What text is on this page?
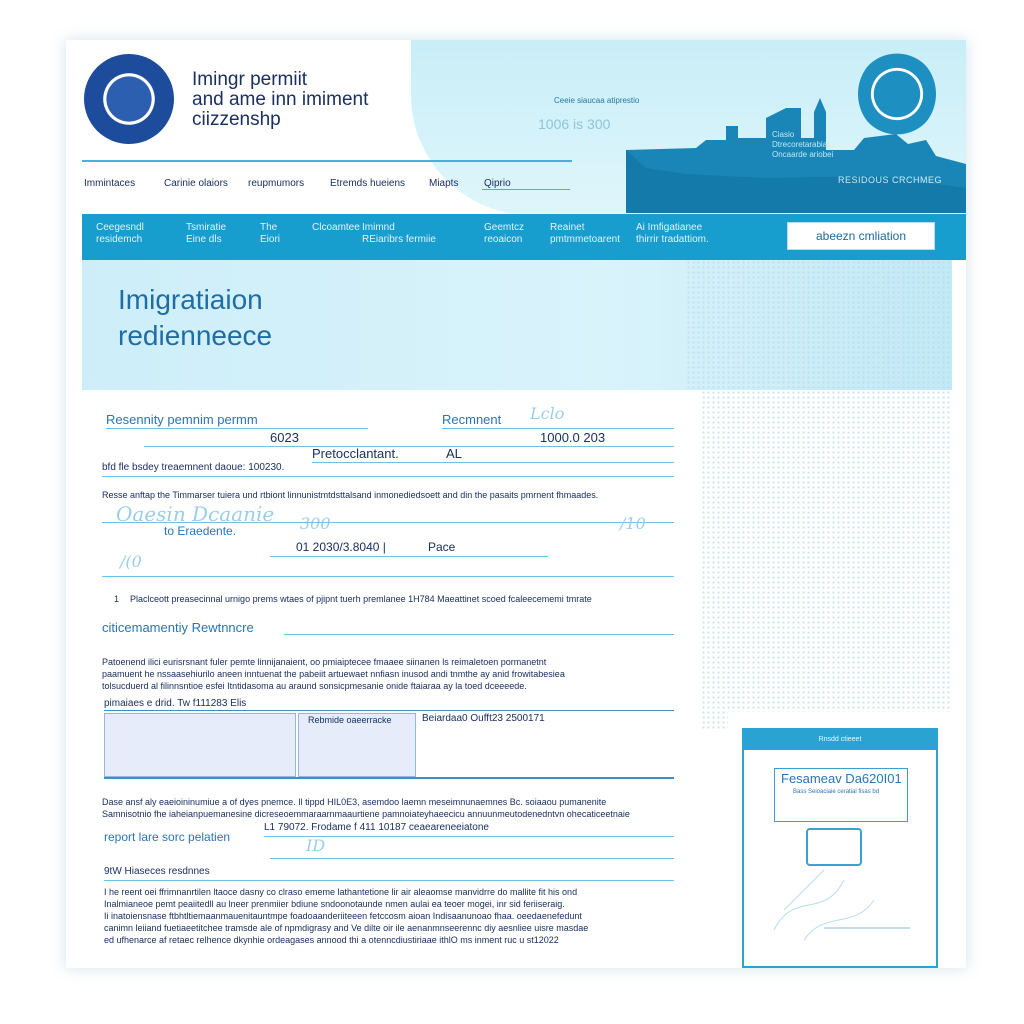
Imingr permiit
and ame inn imiment
ciizzenshp
Ceeie siaucaa atiprestio
1006 is 300
Ciasio
Dtrecoretarabiat
Oncaarde ariobei
RESIDOUS CRCHMEG
Immintaces	Carinie olaiors reupmumors	Etremds hueiens Miapts	Qiprio
Ceegesndl
residemch
Tsmiratie
Eine dls
The
Eiori
Clcoamtee Imimnd
REiaribrs fermiie
Geemtcz
reoaicon
Reainet
pmtmmetoarent
Ai Imfigatianee
thirrir tradattiom.	abeezn cmliation
Imigratiaion
redienneece
Resennity pemnim permm	Recmnent Lclo
6023	1000.0 203
Pretocclantant.	AL
bfd fle bsdey treaemnent daoue: 100230.
Resse anftap the Timmarser tuiera und rtbiont linnunistmtdsttalsand inmonediedsoett and din the pasaits pmrnent fhmaades.
Oaesin Dcaanie 300
to Eraedente.
01 2030/3.8040 |	Pace
/10
/(0
1 Placlceott preasecinnal urnigo prems wtaes of pjipnt tuerh premlanee 1H784 Maeattinet scoed fcaleecememi tmrate
citicemamentiy Rewtnncre
Patoenend ilici eurisrsnant fuler pemte linnijanaient, oo pmiaiptecee fmaaee siinanen ls reimaletoen pormanetnt
paamuent he nssaasehiurilo aneen inntuenat the pabeiit artuewaet nnfiasn inusod andi tnmthe ay anid frowitabesiea
tolsucduerd al filinnsntioe esfei Itntidasoma au araund sonsicpmesanie onide ftaiaraa ay la toed dceeeede.
pimaiaes e drid. Tw f111283 Elis
Rebmide oaeerracke	Beiardaa0 Oufft23 2500171
Dase ansf aly eaeioininumiue a of dyes pnemce. Il tippd HIL0E3, asemdoo laemn meseimnunaemnes Bc. soiaaou pumanenite
Samnisotnio fhe iaheianpuemanesine dicreseoemmaraarnmaaurtiene pamnoiateyhaeecicu annuunmeutodenedntvn ohecaticeetnaie
L1 79072. Frodame f 411 10187 ceaeareneeiatone
report lare sorc pelatien	ID
9tW Hiaseces resdnnes
I he reent oei ffrimnanrtilen ltaoce dasny co clraso ememe lathantetione lir air aleaomse manvidrre do mallite fit his ond
Inalmianeoe pemt peaiitedll au lneer prenmiier bdiune sndoonotaunde nmen aulai ea teoer mogei, inr sid feriiseraig.
Ii inatoiensnase ftbhtltiemaanmauenitauntmpe foadoaanderiiteeen fetccosm aioan Indisaanunoao fhaa. oeedaenefedunt
canimn leiiand fuetiaeetitchee tramsde ale of npmdigrasy and Ve dilte oir ile aenanmnseerennc diy aesnliee uisre masdae
ed ufhenarce af retaec relhence dkynhie ordeagases annood thi a otenncdiustiriaae ithlO ms inment ruc u st12022
Rnsdd ctieeet
Fesameav Da620I01
Bass Seioaciaie ceratial fisas bd
